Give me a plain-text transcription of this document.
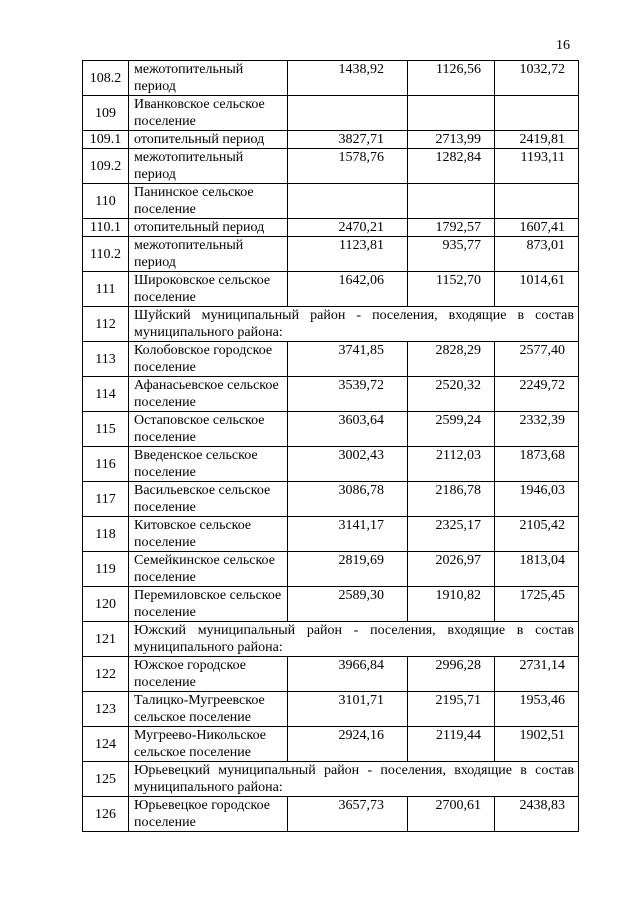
16
108.2	межотопительный период	1438,92	1126,56	1032,72
109	Иванковское сельское поселение			
109.1	отопительный период	3827,71	2713,99	2419,81
109.2	межотопительный период	1578,76	1282,84	1193,11
110	Панинское сельское поселение			
110.1	отопительный период	2470,21	1792,57	1607,41
110.2	межотопительный период	1123,81	935,77	873,01
111	Широковское сельское поселение	1642,06	1152,70	1014,61
112	Шуйский муниципальный район - поселения, входящие в состав муниципального района:			
113	Колобовское городское поселение	3741,85	2828,29	2577,40
114	Афанасьевское сельское поселение	3539,72	2520,32	2249,72
115	Остаповское сельское поселение	3603,64	2599,24	2332,39
116	Введенское сельское поселение	3002,43	2112,03	1873,68
117	Васильевское сельское поселение	3086,78	2186,78	1946,03
118	Китовское сельское поселение	3141,17	2325,17	2105,42
119	Семейкинское сельское поселение	2819,69	2026,97	1813,04
120	Перемиловское сельское поселение	2589,30	1910,82	1725,45
121	Южский муниципальный район - поселения, входящие в состав муниципального района:			
122	Южское городское поселение	3966,84	2996,28	2731,14
123	Талицко-Мугреевское сельское поселение	3101,71	2195,71	1953,46
124	Мугреево-Никольское сельское поселение	2924,16	2119,44	1902,51
125	Юрьевецкий муниципальный район - поселения, входящие в состав муниципального района:			
126	Юрьевецкое городское поселение	3657,73	2700,61	2438,83
